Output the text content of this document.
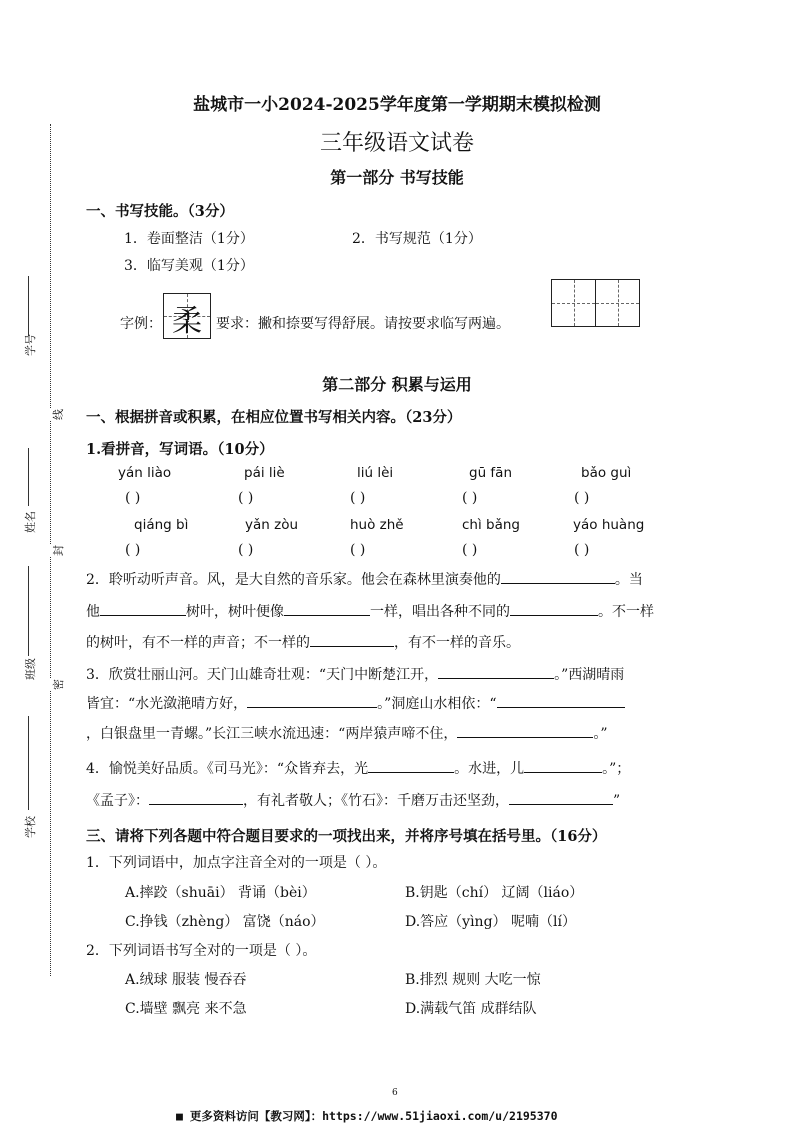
学号
线
姓名
封
班级
密
学校
盐城市一小2024-2025学年度第一学期期末模拟检测
三年级语文试卷
第一部分 书写技能
一、书写技能。（3分）
1．卷面整洁（1分）	2．书写规范（1分）
3．临写美观（1分）
字例： 柔	要求：撇和捺要写得舒展。请按要求临写两遍。
第二部分 积累与运用
一、根据拼音或积累，在相应位置书写相关内容。（23分）
1.看拼音，写词语。（10分）
yán liào	pái liè	liú lèi	gū fān	bǎo guì
( )	( )	( )	( )	( )
qiáng bì	yǎn zòu	huò zhě	chì bǎng	yáo huàng
( )	( )	( )	( )	( )
2．聆听动听声音。风，是大自然的音乐家。他会在森林里演奏他的	。当
他	树叶，树叶便像	一样，唱出各种不同的	。不一样
的树叶，有不一样的声音；不一样的	，有不一样的音乐。
3．欣赏壮丽山河。天门山雄奇壮观：“天门中断楚江开，	。”西湖晴雨
皆宜：“水光潋滟晴方好，	。”洞庭山水相依：“
，白银盘里一青螺。”长江三峡水流迅速：“两岸猿声啼不住，	。”
4．愉悦美好品质。《司马光》：“众皆弃去，光	。水进，儿	。”；
《孟子》：	，有礼者敬人；《竹石》：千磨万击还坚劲，	”
三、请将下列各题中符合题目要求的一项找出来，并将序号填在括号里。（16分）
1．下列词语中，加点字注音全对的一项是（ ）。
A.摔跤（shuāi） 背诵（bèi）	B.钥匙（chí） 辽阔（liáo）
C.挣钱（zhèng） 富饶（náo）	D.答应（yìng） 呢喃（lí）
2．下列词语书写全对的一项是（ ）。
A.绒球 服装 慢吞吞	B.排烈 规则 大吃一惊
C.墙壁 飘亮 来不急	D.满载气笛 成群结队
6
■ 更多资料访问【教习网】：https://www.51jiaoxi.com/u/2195370
